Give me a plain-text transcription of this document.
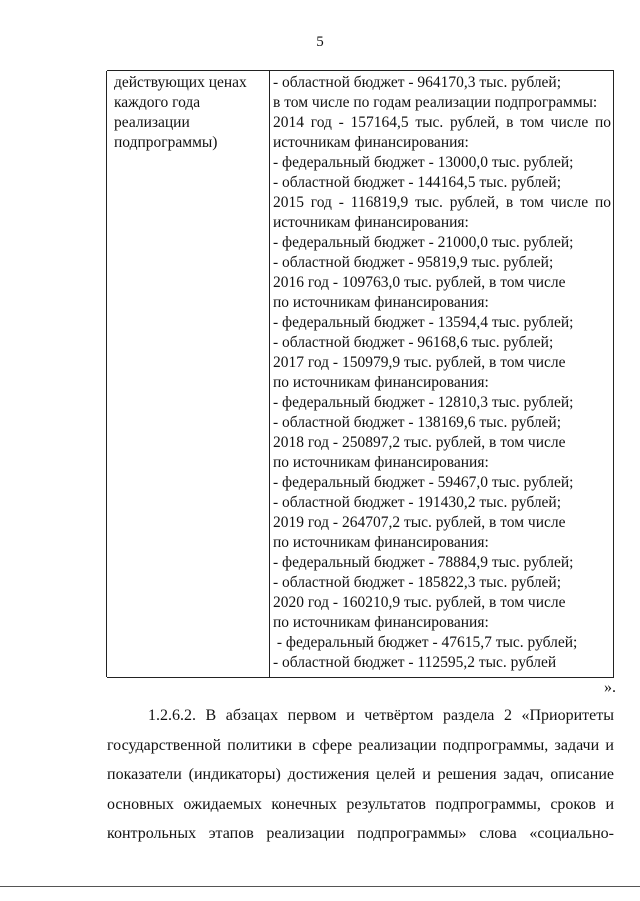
5
действующих ценах
каждого года
реализации
подпрограммы)
- областной бюджет - 964170,3 тыс. рублей;
в том числе по годам реализации подпрограммы:
2014 год - 157164,5 тыс. рублей, в том числе по
источникам финансирования:
- федеральный бюджет - 13000,0 тыс. рублей;
- областной бюджет - 144164,5 тыс. рублей;
2015 год - 116819,9 тыс. рублей, в том числе по
источникам финансирования:
- федеральный бюджет - 21000,0 тыс. рублей;
- областной бюджет - 95819,9 тыс. рублей;
2016 год - 109763,0 тыс. рублей, в том числе
по источникам финансирования:
- федеральный бюджет - 13594,4 тыс. рублей;
- областной бюджет - 96168,6 тыс. рублей;
2017 год - 150979,9 тыс. рублей, в том числе
по источникам финансирования:
- федеральный бюджет - 12810,3 тыс. рублей;
- областной бюджет - 138169,6 тыс. рублей;
2018 год - 250897,2 тыс. рублей, в том числе
по источникам финансирования:
- федеральный бюджет - 59467,0 тыс. рублей;
- областной бюджет - 191430,2 тыс. рублей;
2019 год - 264707,2 тыс. рублей, в том числе
по источникам финансирования:
- федеральный бюджет - 78884,9 тыс. рублей;
- областной бюджет - 185822,3 тыс. рублей;
2020 год - 160210,9 тыс. рублей, в том числе
по источникам финансирования:
- федеральный бюджет - 47615,7 тыс. рублей;
- областной бюджет - 112595,2 тыс. рублей
».
1.2.6.2. В абзацах первом и четвёртом раздела 2 «Приоритеты
государственной политики в сфере реализации подпрограммы, задачи и
показатели (индикаторы) достижения целей и решения задач, описание
основных ожидаемых конечных результатов подпрограммы, сроков и
контрольных этапов реализации подпрограммы» слова «социально-
